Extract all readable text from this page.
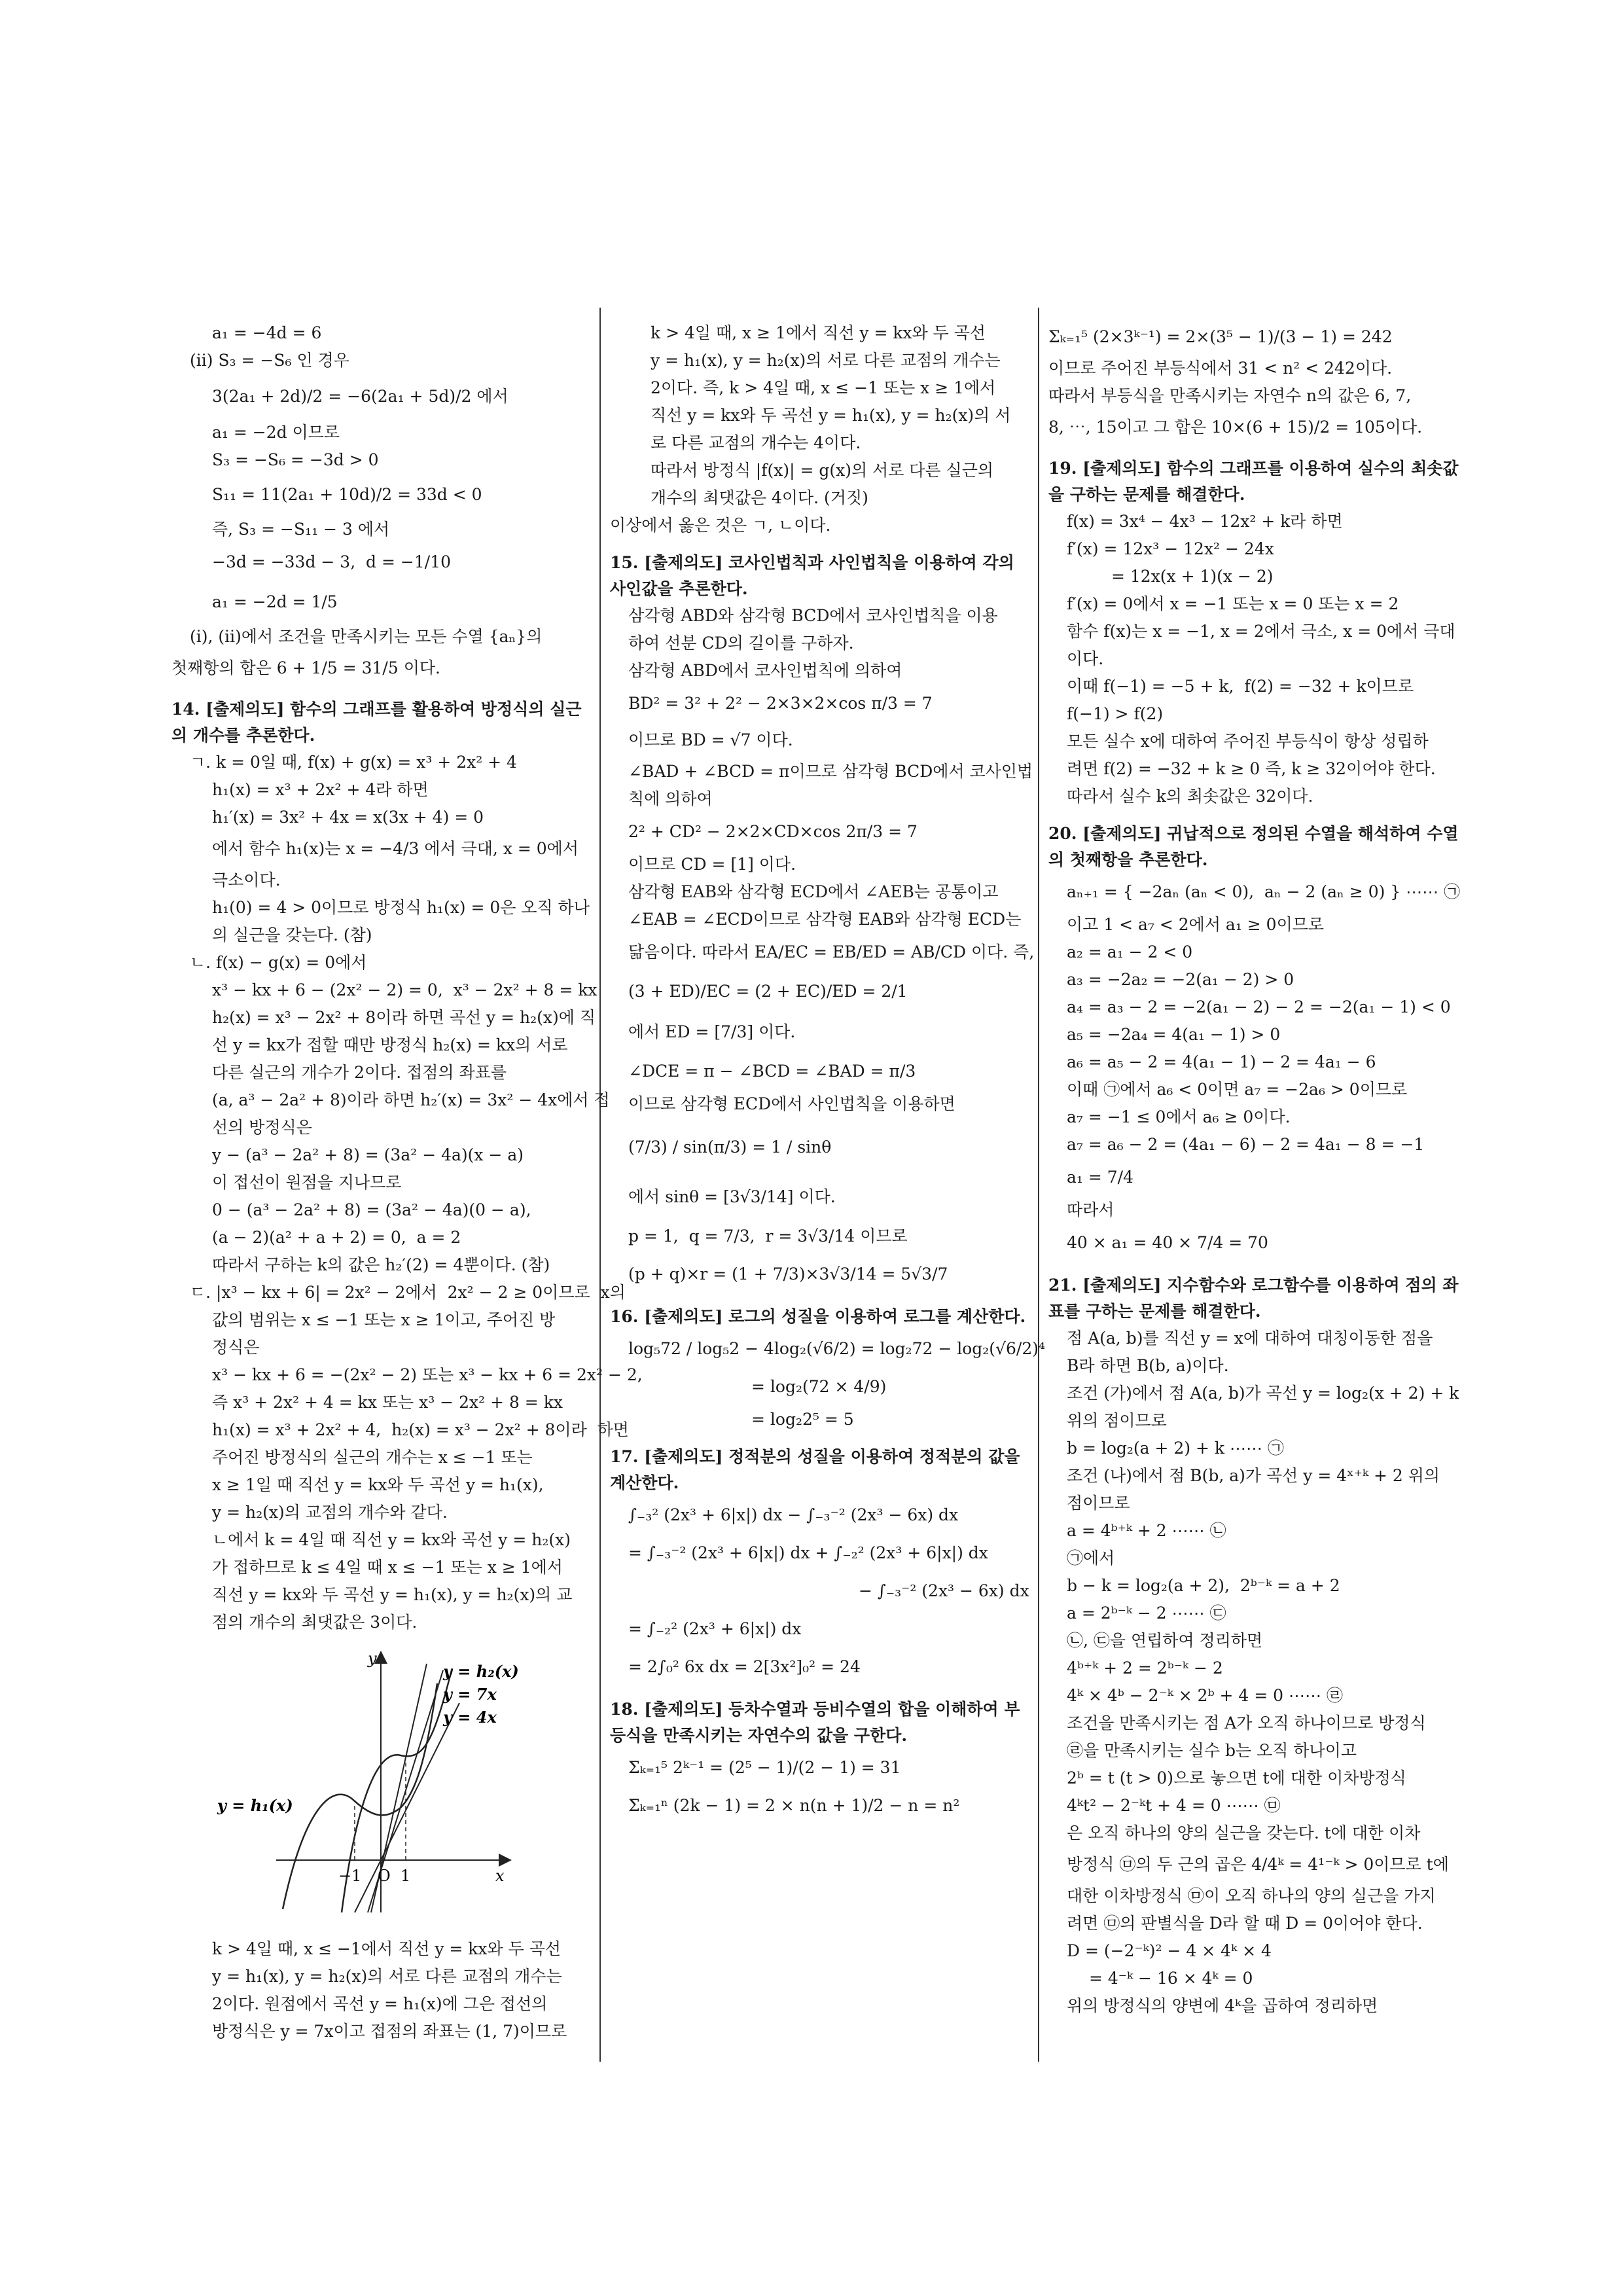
a₁ = −4d = 6
(ii) S₃ = −S₆ 인 경우
3(2a₁ + 2d)/2 = −6(2a₁ + 5d)/2 에서
a₁ = −2d 이므로
S₃ = −S₆ = −3d > 0
S₁₁ = 11(2a₁ + 10d)/2 = 33d < 0
즉, S₃ = −S₁₁ − 3 에서
−3d = −33d − 3,  d = −1/10
a₁ = −2d = 1/5
(i), (ii)에서 조건을 만족시키는 모든 수열 {aₙ}의
첫째항의 합은 6 + 1/5 = 31/5 이다.
14. [출제의도] 함수의 그래프를 활용하여 방정식의 실근의 개수를 추론한다.
ㄱ. k = 0일 때, f(x) + g(x) = x³ + 2x² + 4
h₁(x) = x³ + 2x² + 4라 하면
h₁′(x) = 3x² + 4x = x(3x + 4) = 0
에서 함수 h₁(x)는 x = −4/3 에서 극대, x = 0에서
극소이다.
h₁(0) = 4 > 0이므로 방정식 h₁(x) = 0은 오직 하나
의 실근을 갖는다. (참)
ㄴ. f(x) − g(x) = 0에서
x³ − kx + 6 − (2x² − 2) = 0,  x³ − 2x² + 8 = kx
h₂(x) = x³ − 2x² + 8이라 하면 곡선 y = h₂(x)에 직
선 y = kx가 접할 때만 방정식 h₂(x) = kx의 서로
다른 실근의 개수가 2이다. 접점의 좌표를
(a, a³ − 2a² + 8)이라 하면 h₂′(x) = 3x² − 4x에서 접
선의 방정식은
y − (a³ − 2a² + 8) = (3a² − 4a)(x − a)
이 접선이 원점을 지나므로
0 − (a³ − 2a² + 8) = (3a² − 4a)(0 − a),
(a − 2)(a² + a + 2) = 0,  a = 2
따라서 구하는 k의 값은 h₂′(2) = 4뿐이다. (참)
ㄷ. |x³ − kx + 6| = 2x² − 2에서  2x² − 2 ≥ 0이므로  x의
값의 범위는 x ≤ −1 또는 x ≥ 1이고, 주어진 방
정식은
x³ − kx + 6 = −(2x² − 2) 또는 x³ − kx + 6 = 2x² − 2,
즉 x³ + 2x² + 4 = kx 또는 x³ − 2x² + 8 = kx
h₁(x) = x³ + 2x² + 4,  h₂(x) = x³ − 2x² + 8이라  하면
주어진 방정식의 실근의 개수는 x ≤ −1 또는
x ≥ 1일 때 직선 y = kx와 두 곡선 y = h₁(x),
y = h₂(x)의 교점의 개수와 같다.
ㄴ에서 k = 4일 때 직선 y = kx와 곡선 y = h₂(x)
가 접하므로 k ≤ 4일 때 x ≤ −1 또는 x ≥ 1에서
직선 y = kx와 두 곡선 y = h₁(x), y = h₂(x)의 교
점의 개수의 최댓값은 3이다.
y
x
O
−1 1
y = h₂(x)
y = 7x
y = 4x
y = h₁(x)
k > 4일 때, x ≤ −1에서 직선 y = kx와 두 곡선
y = h₁(x), y = h₂(x)의 서로 다른 교점의 개수는
2이다. 원점에서 곡선 y = h₁(x)에 그은 접선의
방정식은 y = 7x이고 접점의 좌표는 (1, 7)이므로
k > 4일 때, x ≥ 1에서 직선 y = kx와 두 곡선
y = h₁(x), y = h₂(x)의 서로 다른 교점의 개수는
2이다. 즉, k > 4일 때, x ≤ −1 또는 x ≥ 1에서
직선 y = kx와 두 곡선 y = h₁(x), y = h₂(x)의 서
로 다른 교점의 개수는 4이다.
따라서 방정식 |f(x)| = g(x)의 서로 다른 실근의
개수의 최댓값은 4이다. (거짓)
이상에서 옳은 것은 ㄱ, ㄴ이다.
15. [출제의도] 코사인법칙과 사인법칙을 이용하여 각의 사인값을 추론한다.
삼각형 ABD와 삼각형 BCD에서 코사인법칙을 이용
하여 선분 CD의 길이를 구하자.
삼각형 ABD에서 코사인법칙에 의하여
BD² = 3² + 2² − 2×3×2×cos π/3 = 7
이므로 BD = √7 이다.
∠BAD + ∠BCD = π이므로 삼각형 BCD에서 코사인법
칙에 의하여
2² + CD² − 2×2×CD×cos 2π/3 = 7
이므로 CD = [1] 이다.
삼각형 EAB와 삼각형 ECD에서 ∠AEB는 공통이고
∠EAB = ∠ECD이므로 삼각형 EAB와 삼각형 ECD는
닮음이다. 따라서 EA/EC = EB/ED = AB/CD 이다. 즉,
(3 + ED)/EC = (2 + EC)/ED = 2/1
에서 ED = [7/3] 이다.
∠DCE = π − ∠BCD = ∠BAD = π/3
이므로 삼각형 ECD에서 사인법칙을 이용하면
(7/3) / sin(π/3) = 1 / sinθ
에서 sinθ = [3√3/14] 이다.
p = 1,  q = 7/3,  r = 3√3/14 이므로
(p + q)×r = (1 + 7/3)×3√3/14 = 5√3/7
16. [출제의도] 로그의 성질을 이용하여 로그를 계산한다.
log₅72 / log₅2 − 4log₂(√6/2) = log₂72 − log₂(√6/2)⁴
= log₂(72 × 4/9)
= log₂2⁵ = 5
17. [출제의도] 정적분의 성질을 이용하여 정적분의 값을 계산한다.
∫₋₃² (2x³ + 6|x|) dx − ∫₋₃⁻² (2x³ − 6x) dx
= ∫₋₃⁻² (2x³ + 6|x|) dx + ∫₋₂² (2x³ + 6|x|) dx
− ∫₋₃⁻² (2x³ − 6x) dx
= ∫₋₂² (2x³ + 6|x|) dx
= 2∫₀² 6x dx = 2[3x²]₀² = 24
18. [출제의도] 등차수열과 등비수열의 합을 이해하여 부등식을 만족시키는 자연수의 값을 구한다.
Σₖ₌₁⁵ 2ᵏ⁻¹ = (2⁵ − 1)/(2 − 1) = 31
Σₖ₌₁ⁿ (2k − 1) = 2 × n(n + 1)/2 − n = n²
Σₖ₌₁⁵ (2×3ᵏ⁻¹) = 2×(3⁵ − 1)/(3 − 1) = 242
이므로 주어진 부등식에서 31 < n² < 242이다.
따라서 부등식을 만족시키는 자연수 n의 값은 6, 7,
8, ⋯, 15이고 그 합은 10×(6 + 15)/2 = 105이다.
19. [출제의도] 함수의 그래프를 이용하여 실수의 최솟값을 구하는 문제를 해결한다.
f(x) = 3x⁴ − 4x³ − 12x² + k라 하면
f′(x) = 12x³ − 12x² − 24x
= 12x(x + 1)(x − 2)
f′(x) = 0에서 x = −1 또는 x = 0 또는 x = 2
함수 f(x)는 x = −1, x = 2에서 극소, x = 0에서 극대
이다.
이때 f(−1) = −5 + k,  f(2) = −32 + k이므로
f(−1) > f(2)
모든 실수 x에 대하여 주어진 부등식이 항상 성립하
려면 f(2) = −32 + k ≥ 0 즉, k ≥ 32이어야 한다.
따라서 실수 k의 최솟값은 32이다.
20. [출제의도] 귀납적으로 정의된 수열을 해석하여 수열의 첫째항을 추론한다.
aₙ₊₁ = { −2aₙ (aₙ < 0),  aₙ − 2 (aₙ ≥ 0) } ⋯⋯ ㉠
이고 1 < a₇ < 2에서 a₁ ≥ 0이므로
a₂ = a₁ − 2 < 0
a₃ = −2a₂ = −2(a₁ − 2) > 0
a₄ = a₃ − 2 = −2(a₁ − 2) − 2 = −2(a₁ − 1) < 0
a₅ = −2a₄ = 4(a₁ − 1) > 0
a₆ = a₅ − 2 = 4(a₁ − 1) − 2 = 4a₁ − 6
이때 ㉠에서 a₆ < 0이면 a₇ = −2a₆ > 0이므로
a₇ = −1 ≤ 0에서 a₆ ≥ 0이다.
a₇ = a₆ − 2 = (4a₁ − 6) − 2 = 4a₁ − 8 = −1
a₁ = 7/4
따라서
40 × a₁ = 40 × 7/4 = 70
21. [출제의도] 지수함수와 로그함수를 이용하여 점의 좌표를 구하는 문제를 해결한다.
점 A(a, b)를 직선 y = x에 대하여 대칭이동한 점을
B라 하면 B(b, a)이다.
조건 (가)에서 점 A(a, b)가 곡선 y = log₂(x + 2) + k
위의 점이므로
b = log₂(a + 2) + k ⋯⋯ ㉠
조건 (나)에서 점 B(b, a)가 곡선 y = 4ˣ⁺ᵏ + 2 위의
점이므로
a = 4ᵇ⁺ᵏ + 2 ⋯⋯ ㉡
㉠에서
b − k = log₂(a + 2),  2ᵇ⁻ᵏ = a + 2
a = 2ᵇ⁻ᵏ − 2 ⋯⋯ ㉢
㉡, ㉢을 연립하여 정리하면
4ᵇ⁺ᵏ + 2 = 2ᵇ⁻ᵏ − 2
4ᵏ × 4ᵇ − 2⁻ᵏ × 2ᵇ + 4 = 0 ⋯⋯ ㉣
조건을 만족시키는 점 A가 오직 하나이므로 방정식
㉣을 만족시키는 실수 b는 오직 하나이고
2ᵇ = t (t > 0)으로 놓으면 t에 대한 이차방정식
4ᵏt² − 2⁻ᵏt + 4 = 0 ⋯⋯ ㉤
은 오직 하나의 양의 실근을 갖는다. t에 대한 이차
방정식 ㉤의 두 근의 곱은 4/4ᵏ = 4¹⁻ᵏ > 0이므로 t에
대한 이차방정식 ㉤이 오직 하나의 양의 실근을 가지
려면 ㉤의 판별식을 D라 할 때 D = 0이어야 한다.
D = (−2⁻ᵏ)² − 4 × 4ᵏ × 4
= 4⁻ᵏ − 16 × 4ᵏ = 0
위의 방정식의 양변에 4ᵏ을 곱하여 정리하면
